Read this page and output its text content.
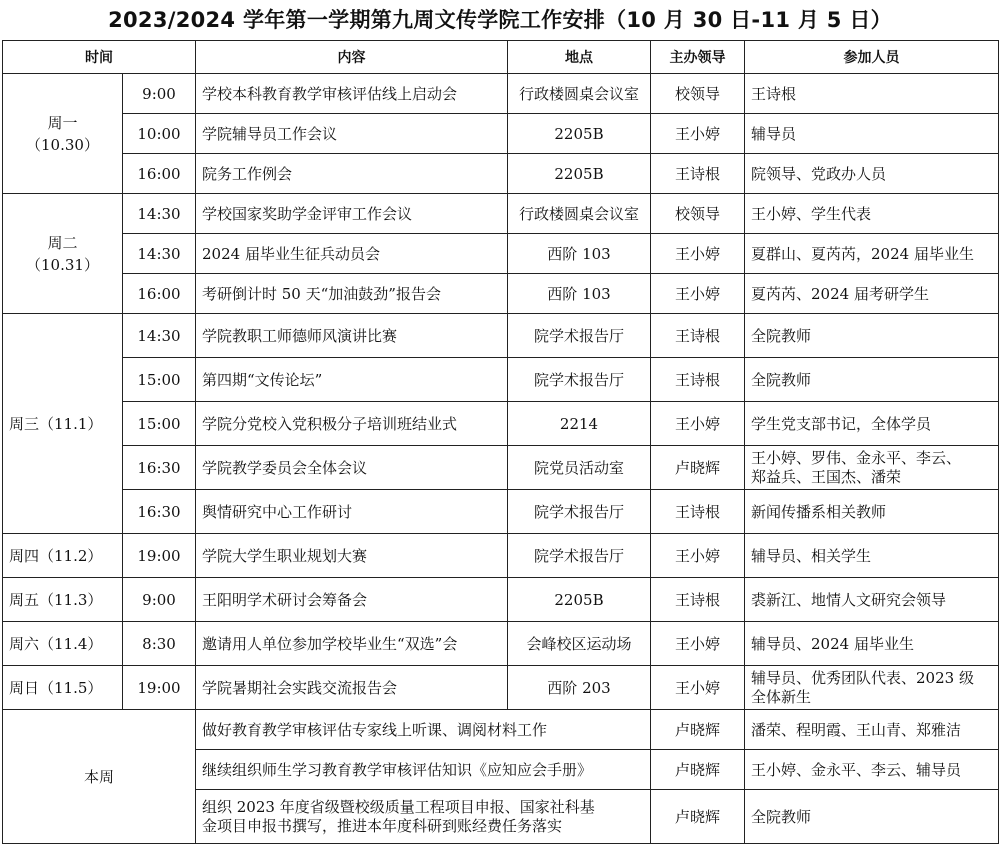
2023/2024 学年第一学期第九周文传学院工作安排（10 月 30 日-11 月 5 日）
时间		内容	地点	主办领导	参加人员

周一
（10.30）	9:00	学校本科教育教学审核评估线上启动会	行政楼圆桌会议室	校领导	王诗根
	10:00	学院辅导员工作会议	2205B	王小婷	辅导员
	16:00	院务工作例会	2205B	王诗根	院领导、党政办人员

周二
（10.31）	14:30	学校国家奖助学金评审工作会议	行政楼圆桌会议室	校领导	王小婷、学生代表
	14:30	2024 届毕业生征兵动员会	西阶 103	王小婷	夏群山、夏芮芮，2024 届毕业生
	16:00	考研倒计时 50 天“加油鼓劲”报告会	西阶 103	王小婷	夏芮芮、2024 届考研学生
周三（11.1）	14:30	学院教职工师德师风演讲比赛	院学术报告厅	王诗根	全院教师
	15:00	第四期“文传论坛”	院学术报告厅	王诗根	全院教师
	15:00	学院分党校入党积极分子培训班结业式	2214	王小婷	学生党支部书记，全体学员
	16:30	学院教学委员会全体会议	院党员活动室	卢晓辉	王小婷、罗伟、金永平、李云、
郑益兵、王国杰、潘荣

	16:30	舆情研究中心工作研讨	院学术报告厅	王诗根	新闻传播系相关教师
周四（11.2）	19:00	学院大学生职业规划大赛	院学术报告厅	王小婷	辅导员、相关学生
周五（11.3）	9:00	王阳明学术研讨会筹备会	2205B	王诗根	裘新江、地情人文研究会领导
周六（11.4）	8:30	邀请用人单位参加学校毕业生“双选”会	会峰校区运动场	王小婷	辅导员、2024 届毕业生
周日（11.5）	19:00	学院暑期社会实践交流报告会	西阶 203	王小婷	辅导员、优秀团队代表、2023 级
全体新生

本周		做好教育教学审核评估专家线上听课、调阅材料工作		卢晓辉	潘荣、程明霞、王山青、郑雅洁
		继续组织师生学习教育教学审核评估知识《应知应会手册》		卢晓辉	王小婷、金永平、李云、辅导员

		组织 2023 年度省级暨校级质量工程项目申报、国家社科基
金项目申报书撰写，推进本年度科研到账经费任务落实		卢晓辉	全院教师
